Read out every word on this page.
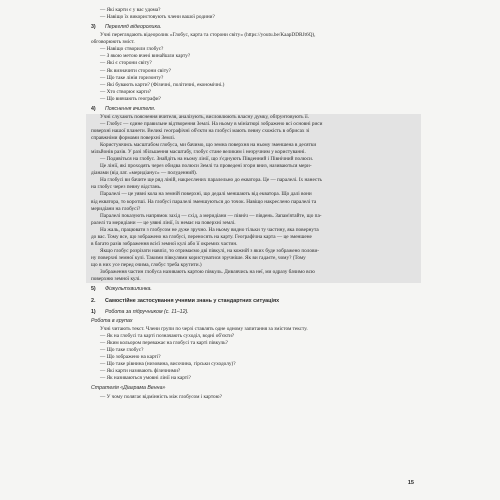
— Які карти є у вас удома?

— Навіщо їх використовують члени вашої родини?

3) Перегляд відеоролика.

Учні переглядають відеоролик «Глобус, карта та сторони світу» (https://youtu.be/KaapDDRJt6Q),

обговорюють зміст.

— Навіщо створили глобус?

— З якою метою вчені винайшли карту?

— Які є сторони світу?

— Як визначити сторони світу?

— Що таке лінія горизонту?

— Які бувають карти? (Фізичні, політичні, економічні.)

— Хто створює карти?

— Що вивчають географи?

4) Пояснення вчителя.

Учні слухають пояснення вчителя, аналізують, висловлюють власну думку, обґрунтовують її.

— Глобус — єдине правильне відтворення Землі. На ньому в мініатюрі зображено всі основні риси

поверхні нашої планети. Великі географічні об'єкти на глобусі мають певну схожість в обрисах зі

справжніми формами поверхні Землі.

Користуючись масштабом глобуса, ми бачимо, що земна поверхня на ньому зменшена в десятки

мільйонів разів. У разі збільшення масштабу, глобус стане великим і незручним у користуванні.

— Подивіться на глобус. Знайдіть на ньому лінії, що з'єднують Південний і Північний полюси.

Це лінії, які проходять через обидва полюси Землі та проведені згори вниз, називаються мери-

діанами (від лат. «меридіанус» — полуденний).

На глобусі ви бачите ще ряд ліній, накреслених паралельно до екватора. Це — паралелі. Їх нанесть

на глобус через певну відстань.

Паралелі — це уявні кола на земній поверхні, що дедалі меншають від екватора. Що далі вони

від екватора, то коротші. На глобусі паралелі зменшуються до точок. Навіщо накреслено паралелі та

меридіани на глобусі?

Паралелі показують напрямок захід — схід, а меридіани — північ — південь. Запам'ятайте, що па-

ралелі та меридіани — це уявні лінії, їх немає на поверхні землі.

На жаль, працювати з глобусом не дуже зручно. На ньому видно тільки ту частину, яка повернута

до вас. Тому все, що зображено на глобусі, переносять на карту. Географічна карта — це зменшене

в багато разів зображення всієї земної кулі або її окремих частин.

Якщо глобус розрізати навпіл, то отримаємо дві півкулі, на кожній з яких буде зображено полови-

ну поверхні земної кулі. Такими півкулями користуватися зручніше. Як ви гадаєте, чому? (Тому

що в них усе перед очима, глобус треба крутити.)

Зображення частин глобуса називають картою півкуль. Дивлячись на неї, ми одразу бачимо всю

поверхню земної кулі.

5) Фізкультхвилинка.
2. Самостійне застосування учнями знань у стандартних ситуаціях
1) Робота за підручником (с. 11–12).
Робота в групах

Учні читають текст. Члени групи по черзі ставлять одне одному запитання за змістом тексту.

— Як на глобусі та карті позначають суходіл, водні об'єкти?

— Яким кольором переважає на глобусі та карті півкуль?

— Що таке глобус?

— Що зображено на карті?

— Що таке рівнина (низовина, височина, гірськи суходолу)?

— Які карти називають фізичними?

— Як називаються умовні лінії на карті?

Стратегія «Діаграма Венна»

— У чому полягає відмінність між глобусом і картою?

15
